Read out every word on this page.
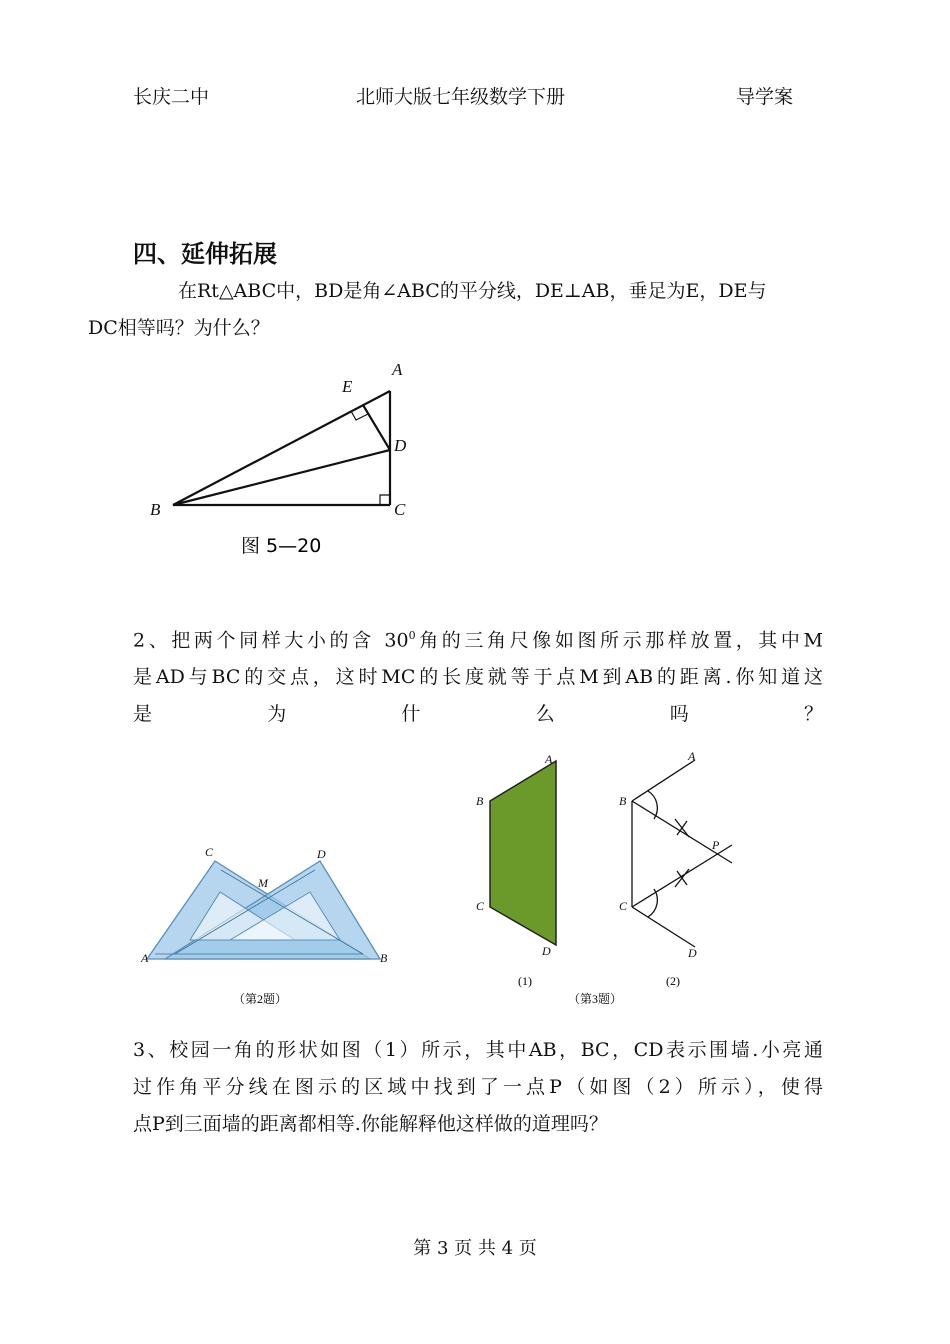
长庆二中	北师大版七年级数学下册	导学案
四、延伸拓展
在Rt△ABC中，BD是角∠ABC的平分线，DE⊥AB，垂足为E，DE与
DC相等吗？为什么？
A
E
D
B	C
图 5—20
2、把两个同样大小的含 $30^0$角的三角尺像如图所示那样放置，其中M
是AD与BC的交点，这时MC的长度就等于点M到AB的距离.你知道这
是	为	什	么	吗	？
C	D
M
A	B
（第2题）
A
B
C
D
(1)
A
B
P
C
D
(2)
（第3题）
3、校园一角的形状如图（1）所示，其中AB，BC，CD表示围墙.小亮通
过作角平分线在图示的区域中找到了一点P（如图（2）所示），使得
点P到三面墙的距离都相等.你能解释他这样做的道理吗？
第 3 页 共 4 页
